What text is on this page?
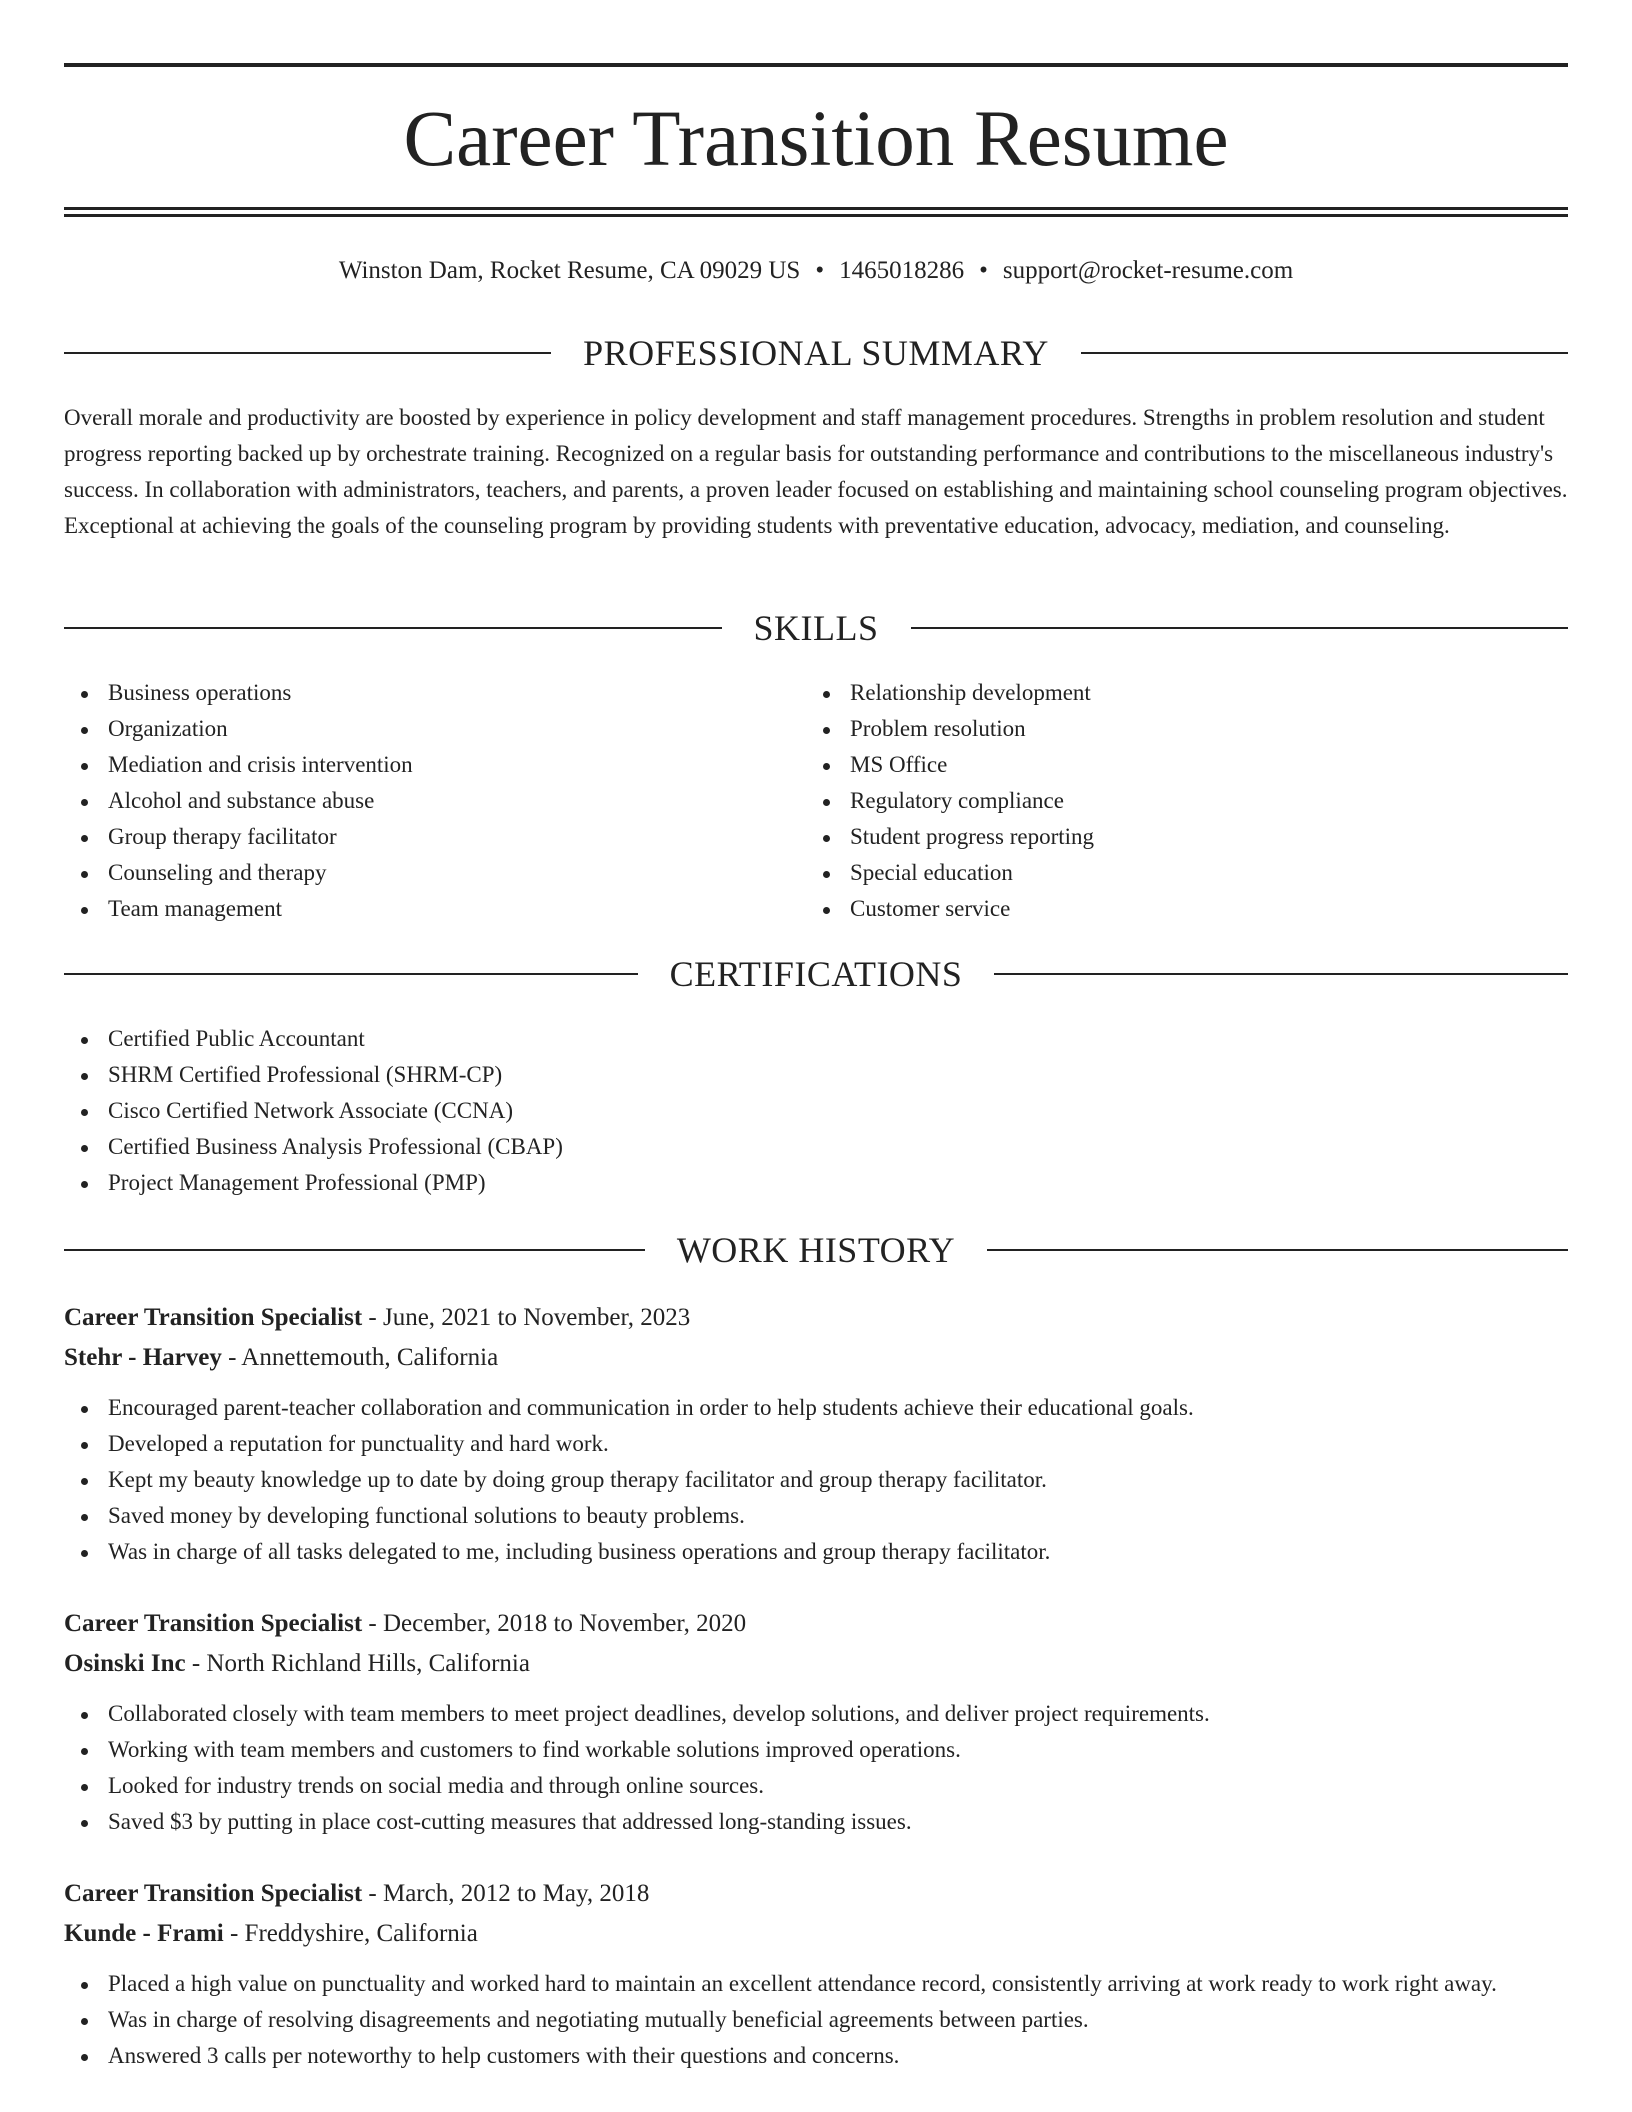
Career Transition Resume
Winston Dam, Rocket Resume, CA 09029 US • 1465018286 • support@rocket-resume.com
PROFESSIONAL SUMMARY

Overall morale and productivity are boosted by experience in policy development and staff management procedures. Strengths in problem resolution and student progress reporting backed up by orchestrate training. Recognized on a regular basis for outstanding performance and contributions to the miscellaneous industry's success. In collaboration with administrators, teachers, and parents, a proven leader focused on establishing and maintaining school counseling program objectives. Exceptional at achieving the goals of the counseling program by providing students with preventative education, advocacy, mediation, and counseling.

SKILLS
Business operations
Organization
Mediation and crisis intervention
Alcohol and substance abuse
Group therapy facilitator
Counseling and therapy
Team management
Relationship development
Problem resolution
MS Office
Regulatory compliance
Student progress reporting
Special education
Customer service
CERTIFICATIONS
Certified Public Accountant
SHRM Certified Professional (SHRM-CP)
Cisco Certified Network Associate (CCNA)
Certified Business Analysis Professional (CBAP)
Project Management Professional (PMP)
WORK HISTORY
Career Transition Specialist - June, 2021 to November, 2023
Stehr - Harvey - Annettemouth, California
Encouraged parent-teacher collaboration and communication in order to help students achieve their educational goals.
Developed a reputation for punctuality and hard work.
Kept my beauty knowledge up to date by doing group therapy facilitator and group therapy facilitator.
Saved money by developing functional solutions to beauty problems.
Was in charge of all tasks delegated to me, including business operations and group therapy facilitator.
Career Transition Specialist - December, 2018 to November, 2020
Osinski Inc - North Richland Hills, California
Collaborated closely with team members to meet project deadlines, develop solutions, and deliver project requirements.
Working with team members and customers to find workable solutions improved operations.
Looked for industry trends on social media and through online sources.
Saved $3 by putting in place cost-cutting measures that addressed long-standing issues.
Career Transition Specialist - March, 2012 to May, 2018
Kunde - Frami - Freddyshire, California
Placed a high value on punctuality and worked hard to maintain an excellent attendance record, consistently arriving at work ready to work right away.
Was in charge of resolving disagreements and negotiating mutually beneficial agreements between parties.
Answered 3 calls per noteworthy to help customers with their questions and concerns.
